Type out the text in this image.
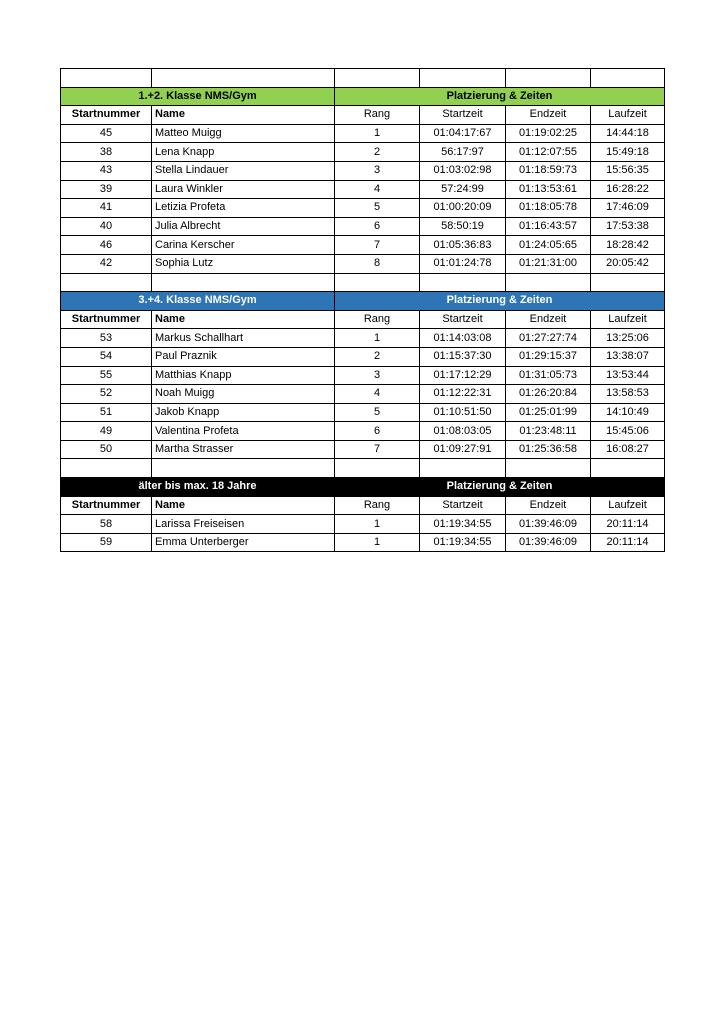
1.+2. Klasse NMS/Gym		Platzierung & Zeiten			
Startnummer	Name	Rang	Startzeit	Endzeit	Laufzeit
45	Matteo Muigg	1	01:04:17:67	01:19:02:25	14:44:18
38	Lena Knapp	2	56:17:97	01:12:07:55	15:49:18
43	Stella Lindauer	3	01:03:02:98	01:18:59:73	15:56:35
39	Laura Winkler	4	57:24:99	01:13:53:61	16:28:22
41	Letizia Profeta	5	01:00:20:09	01:18:05:78	17:46:09
40	Julia Albrecht	6	58:50:19	01:16:43:57	17:53:38
46	Carina Kerscher	7	01:05:36:83	01:24:05:65	18:28:42
42	Sophia Lutz	8	01:01:24:78	01:21:31:00	20:05:42

3.+4. Klasse NMS/Gym		Platzierung & Zeiten			
Startnummer	Name	Rang	Startzeit	Endzeit	Laufzeit
53	Markus Schallhart	1	01:14:03:08	01:27:27:74	13:25:06
54	Paul Praznik	2	01:15:37:30	01:29:15:37	13:38:07
55	Matthias Knapp	3	01:17:12:29	01:31:05:73	13:53:44
52	Noah Muigg	4	01:12:22:31	01:26:20:84	13:58:53
51	Jakob Knapp	5	01:10:51:50	01:25:01:99	14:10:49
49	Valentina Profeta	6	01:08:03:05	01:23:48:11	15:45:06
50	Martha Strasser	7	01:09:27:91	01:25:36:58	16:08:27

älter bis max. 18 Jahre		Platzierung & Zeiten			
Startnummer	Name	Rang	Startzeit	Endzeit	Laufzeit
58	Larissa Freiseisen	1	01:19:34:55	01:39:46:09	20:11:14
59	Emma Unterberger	1	01:19:34:55	01:39:46:09	20:11:14
